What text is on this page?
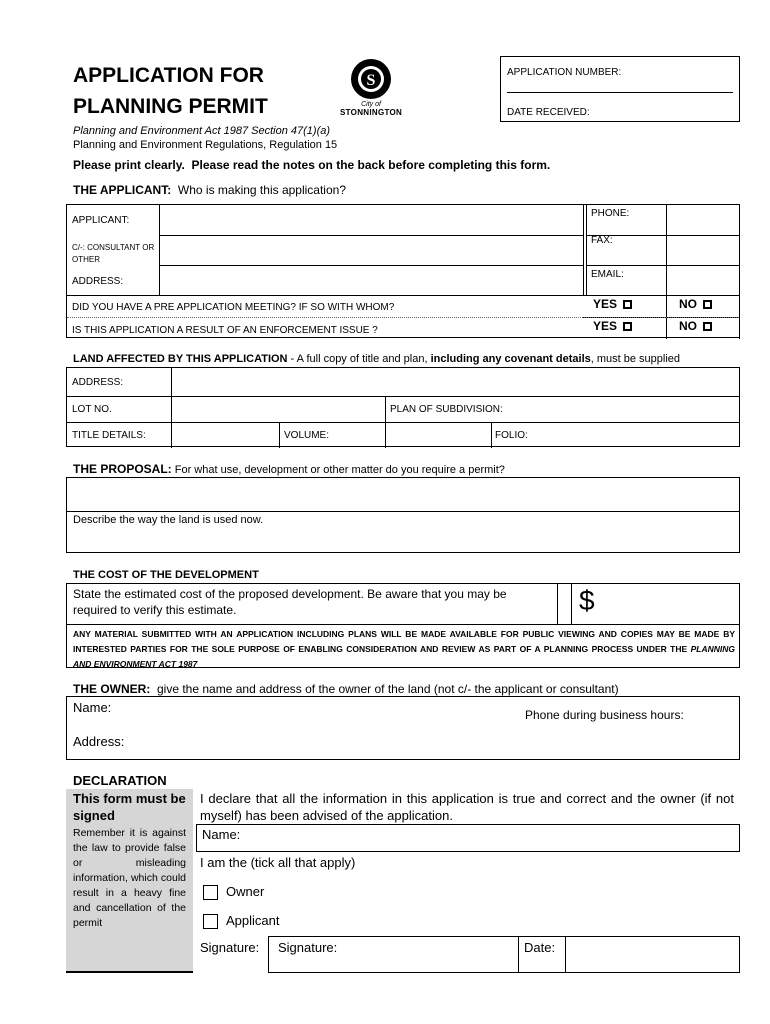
APPLICATION FOR
PLANNING PERMIT
S
City of
STONNINGTON
APPLICATION NUMBER:
DATE RECEIVED:
Planning and Environment Act 1987 Section 47(1)(a)
Planning and Environment Regulations, Regulation 15
Please print clearly.  Please read the notes on the back before completing this form.
THE APPLICANT: Who is making this application?
APPLICANT:
C/-: CONSULTANT OR OTHER
ADDRESS:
PHONE:
FAX:
EMAIL:
DID YOU HAVE A PRE APPLICATION MEETING? IF SO WITH WHOM?	YES	NO
IS THIS APPLICATION A RESULT OF AN ENFORCEMENT ISSUE ?	YES	NO
LAND AFFECTED BY THIS APPLICATION - A full copy of title and plan, including any covenant details, must be supplied
ADDRESS:
LOT NO.	PLAN OF SUBDIVISION:
TITLE DETAILS:	VOLUME:	FOLIO:
THE PROPOSAL: For what use, development or other matter do you require a permit?
Describe the way the land is used now.
THE COST OF THE DEVELOPMENT
State the estimated cost of the proposed development. Be aware that you may be required to verify this estimate.	$
ANY MATERIAL SUBMITTED WITH AN APPLICATION INCLUDING PLANS WILL BE MADE AVAILABLE FOR PUBLIC VIEWING AND COPIES MAY BE MADE BY INTERESTED PARTIES FOR THE SOLE PURPOSE OF ENABLING CONSIDERATION AND REVIEW AS PART OF A PLANNING PROCESS UNDER THE PLANNING AND ENVIRONMENT ACT 1987
THE OWNER: give the name and address of the owner of the land (not c/- the applicant or consultant)
Name:	Phone during business hours:
Address:
DECLARATION
This form must be signed
Remember it is against the law to provide false or misleading information, which could result in a heavy fine and cancellation of the permit
I declare that all the information in this application is true and correct and the owner (if not myself) has been advised of the application.
Name:
I am the (tick all that apply)
Owner
Applicant
Signature: Signature:	Date:
